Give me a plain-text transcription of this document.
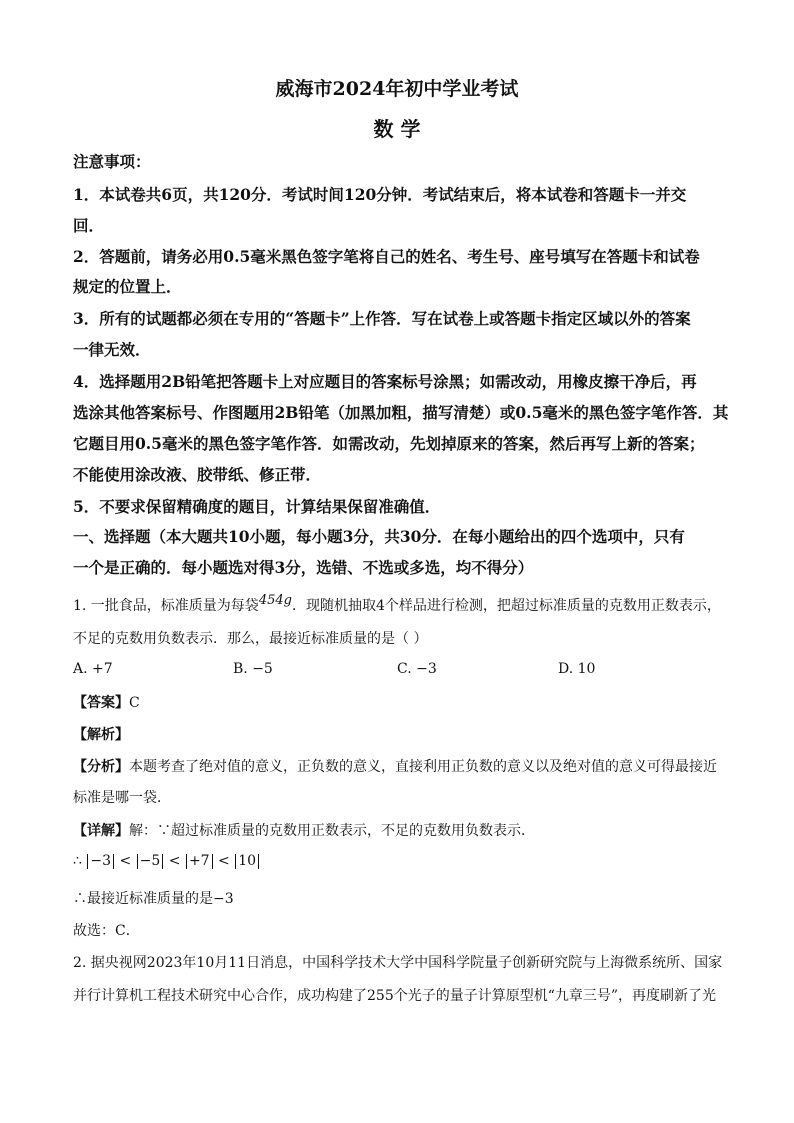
威海市2024年初中学业考试
数 学
注意事项：
1．本试卷共6页，共120分．考试时间120分钟．考试结束后，将本试卷和答题卡一并交
回．
2．答题前，请务必用0.5毫米黑色签字笔将自己的姓名、考生号、座号填写在答题卡和试卷
规定的位置上．
3．所有的试题都必须在专用的“答题卡”上作答．写在试卷上或答题卡指定区域以外的答案
一律无效．
4．选择题用2B铅笔把答题卡上对应题目的答案标号涂黑；如需改动，用橡皮擦干净后，再
选涂其他答案标号、作图题用2B铅笔（加黑加粗，描写清楚）或0.5毫米的黑色签字笔作答．其
它题目用0.5毫米的黑色签字笔作答．如需改动，先划掉原来的答案，然后再写上新的答案；
不能使用涂改液、胶带纸、修正带．
5．不要求保留精确度的题目，计算结果保留准确值．
一、选择题（本大题共10小题，每小题3分，共30分．在每小题给出的四个选项中，只有
一个是正确的．每小题选对得3分，选错、不选或多选，均不得分）
1. 一批食品，标准质量为每袋454g．现随机抽取4个样品进行检测，把超过标准质量的克数用正数表示，
不足的克数用负数表示．那么，最接近标准质量的是（ ）
A. +7	B. −5	C. −3	D. 10
【答案】C
【解析】
【分析】本题考查了绝对值的意义，正负数的意义，直接利用正负数的意义以及绝对值的意义可得最接近
标准是哪一袋．
【详解】解：∵超过标准质量的克数用正数表示，不足的克数用负数表示．
∴ −3 < −5 < +7 < 10
∴最接近标准质量的是−3
故选：C．
2. 据央视网2023年10月11日消息，中国科学技术大学中国科学院量子创新研究院与上海微系统所、国家
并行计算机工程技术研究中心合作，成功构建了255个光子的量子计算原型机“九章三号”，再度刷新了光
